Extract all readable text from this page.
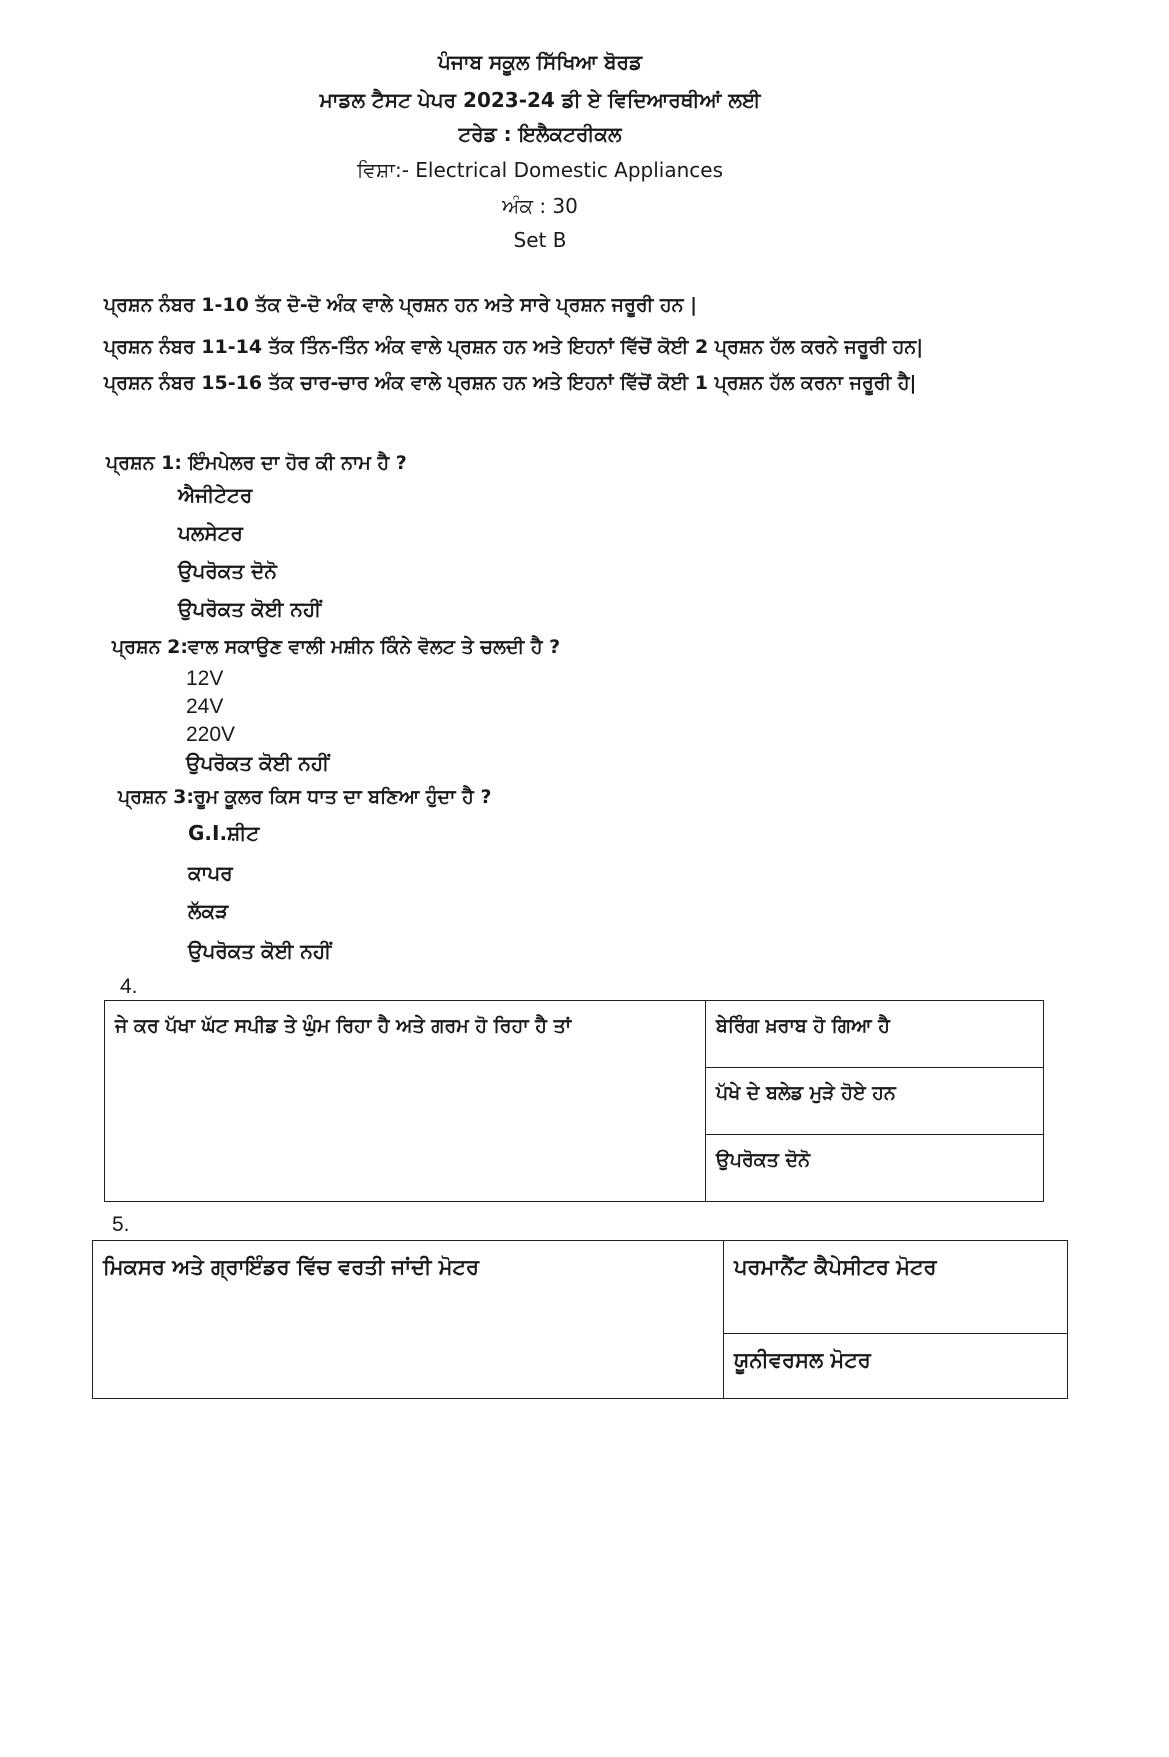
ਪੰਜਾਬ ਸਕੂਲ ਸਿੱਖਿਆ ਬੋਰਡ
ਮਾਡਲ ਟੈਸਟ ਪੇਪਰ 2023-24 ਡੀ ਏ ਵਿਦਿਆਰਥੀਆਂ ਲਈ
ਟਰੇਡ : ਇਲੈਕਟਰੀਕਲ
ਵਿਸ਼ਾ:- Electrical Domestic Appliances
ਅੰਕ : 30
Set B
ਪ੍ਰਸ਼ਨ ਨੰਬਰ 1-10 ਤੱਕ ਦੋ-ਦੋ ਅੰਕ ਵਾਲੇ ਪ੍ਰਸ਼ਨ ਹਨ ਅਤੇ ਸਾਰੇ ਪ੍ਰਸ਼ਨ ਜਰੂਰੀ ਹਨ |
ਪ੍ਰਸ਼ਨ ਨੰਬਰ 11-14 ਤੱਕ ਤਿੰਨ-ਤਿੰਨ ਅੰਕ ਵਾਲੇ ਪ੍ਰਸ਼ਨ ਹਨ ਅਤੇ ਇਹਨਾਂ ਵਿੱਚੋਂ ਕੋਈ 2 ਪ੍ਰਸ਼ਨ ਹੱਲ ਕਰਨੇ ਜਰੂਰੀ ਹਨ|
ਪ੍ਰਸ਼ਨ ਨੰਬਰ 15-16 ਤੱਕ ਚਾਰ-ਚਾਰ ਅੰਕ ਵਾਲੇ ਪ੍ਰਸ਼ਨ ਹਨ ਅਤੇ ਇਹਨਾਂ ਵਿੱਚੋਂ ਕੋਈ 1 ਪ੍ਰਸ਼ਨ ਹੱਲ ਕਰਨਾ ਜਰੂਰੀ ਹੈ|
ਪ੍ਰਸ਼ਨ 1: ਇੰਮਪੇਲਰ ਦਾ ਹੋਰ ਕੀ ਨਾਮ ਹੈ ?
ਐਜੀਟੇਟਰ
ਪਲਸੇਟਰ
ਉਪਰੋਕਤ ਦੋਨੋ
ਉਪਰੋਕਤ ਕੋਈ ਨਹੀਂ
ਪ੍ਰਸ਼ਨ 2:ਵਾਲ ਸਕਾਉਣ ਵਾਲੀ ਮਸ਼ੀਨ ਕਿੰਨੇ ਵੋਲਟ ਤੇ ਚਲਦੀ ਹੈ ?
12V
24V
220V
ਉਪਰੋਕਤ ਕੋਈ ਨਹੀਂ
ਪ੍ਰਸ਼ਨ 3:ਰੂਮ ਕੂਲਰ ਕਿਸ ਧਾਤ ਦਾ ਬਣਿਆ ਹੁੰਦਾ ਹੈ ?
G.I.ਸ਼ੀਟ
ਕਾਪਰ
ਲੱਕੜ
ਉਪਰੋਕਤ ਕੋਈ ਨਹੀਂ
4.
ਜੇ ਕਰ ਪੱਖਾ ਘੱਟ ਸਪੀਡ ਤੇ ਘੁੰਮ ਰਿਹਾ ਹੈ ਅਤੇ ਗਰਮ ਹੋ ਰਿਹਾ ਹੈ ਤਾਂ	ਬੇਰਿੰਗ ਖ਼ਰਾਬ ਹੋ ਗਿਆ ਹੈ
ਪੱਖੇ ਦੇ ਬਲੇਡ ਮੁੜੇ ਹੋਏ ਹਨ
ਉਪਰੋਕਤ ਦੋਨੋ
5.
ਮਿਕਸਰ ਅਤੇ ਗ੍ਰਾਇੰਡਰ ਵਿੱਚ ਵਰਤੀ ਜਾਂਦੀ ਮੋਟਰ	ਪਰਮਾਨੈਂਟ ਕੈਪੇਸੀਟਰ ਮੋਟਰ
ਯੂਨੀਵਰਸਲ ਮੋਟਰ
